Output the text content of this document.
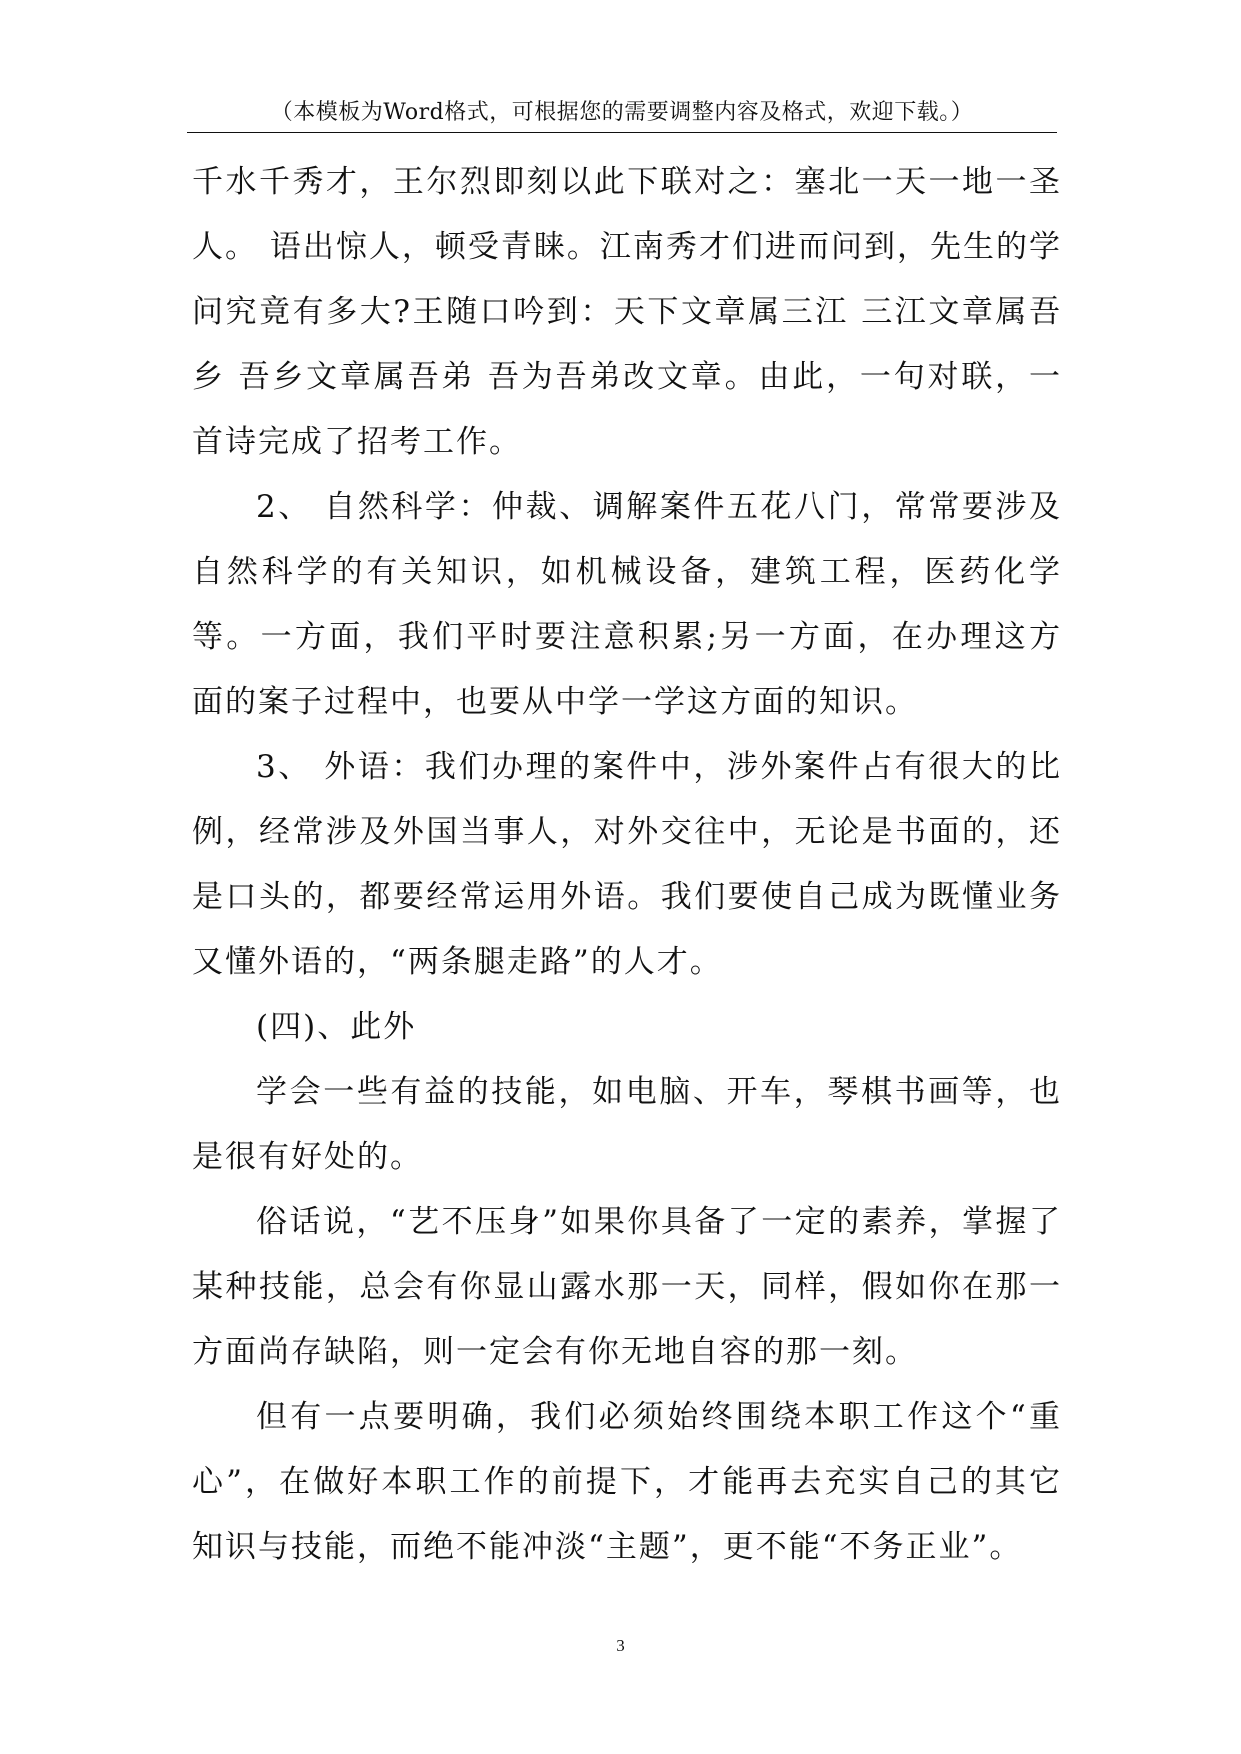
（本模板为Word格式，可根据您的需要调整内容及格式，欢迎下载。）

千水千秀才，王尔烈即刻以此下联对之：塞北一天一地一圣人。 语出惊人，顿受青睐。江南秀才们进而问到，先生的学问究竟有多大?王随口吟到：天下文章属三江 三江文章属吾乡 吾乡文章属吾弟 吾为吾弟改文章。由此，一句对联，一首诗完成了招考工作。

2、 自然科学：仲裁、调解案件五花八门，常常要涉及自然科学的有关知识，如机械设备，建筑工程，医药化学等。一方面，我们平时要注意积累;另一方面，在办理这方面的案子过程中，也要从中学一学这方面的知识。

3、 外语：我们办理的案件中，涉外案件占有很大的比例，经常涉及外国当事人，对外交往中，无论是书面的，还是口头的，都要经常运用外语。我们要使自己成为既懂业务又懂外语的，“两条腿走路”的人才。

(四)、此外

学会一些有益的技能，如电脑、开车，琴棋书画等，也是很有好处的。

俗话说，“艺不压身”如果你具备了一定的素养，掌握了某种技能，总会有你显山露水那一天，同样，假如你在那一方面尚存缺陷，则一定会有你无地自容的那一刻。

但有一点要明确，我们必须始终围绕本职工作这个“重心”，在做好本职工作的前提下，才能再去充实自己的其它知识与技能，而绝不能冲淡“主题”，更不能“不务正业”。

3
